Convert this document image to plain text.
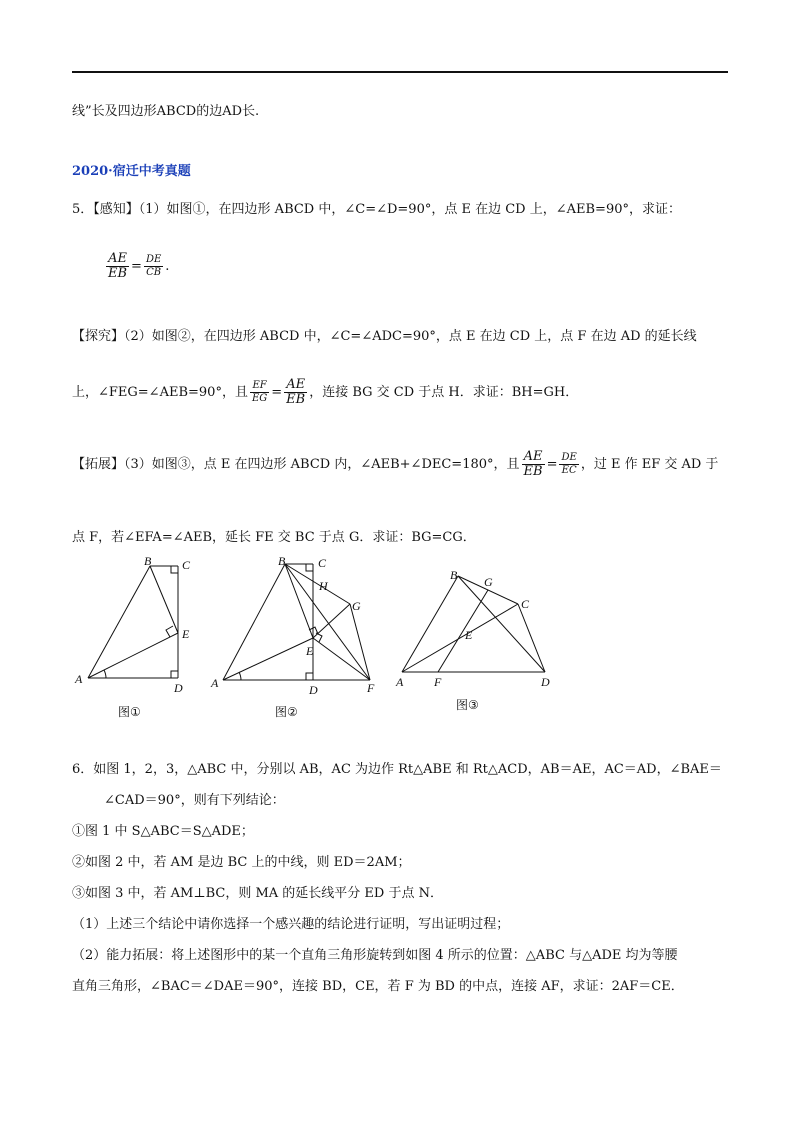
线”长及四边形ABCD的边AD长.
2020·宿迁中考真题
5．【感知】（1）如图①，在四边形 ABCD 中，∠C=∠D=90°，点 E 在边 CD 上，∠AEB=90°，求证：
$\frac{AE}{EB} = \frac{DE}{CB}$ .
【探究】（2）如图②，在四边形 ABCD 中，∠C=∠ADC=90°，点 E 在边 CD 上，点 F 在边 AD 的延长线
上，∠FEG=∠AEB=90°，且 $\frac{EF}{EG} = \frac{AE}{EB}$ ，连接 BG 交 CD 于点 H．求证：BH=GH．
【拓展】（3）如图③，点 E 在四边形 ABCD 内，∠AEB+∠DEC=180°，且 $\frac{AE}{EB} = \frac{DE}{EC}$ ，过 E 作 EF 交 AD 于
点 F，若∠EFA=∠AEB，延长 FE 交 BC 于点 G．求证：BG=CG．
B	C
E
A
D
图①
B	C
H
G
E
A	D	F
图②
B G
C
E
A	F	D
图③
6．如图 1，2，3，△ABC 中，分别以 AB，AC 为边作 Rt△ABE 和 Rt△ACD，AB＝AE，AC＝AD，∠BAE＝
∠CAD＝90°，则有下列结论：
①图 1 中 S△ABC＝S△ADE；
②如图 2 中，若 AM 是边 BC 上的中线，则 ED＝2AM；
③如图 3 中，若 AM⊥BC，则 MA 的延长线平分 ED 于点 N．
（1）上述三个结论中请你选择一个感兴趣的结论进行证明，写出证明过程；
（2）能力拓展：将上述图形中的某一个直角三角形旋转到如图 4 所示的位置：△ABC 与△ADE 均为等腰
直角三角形，∠BAC＝∠DAE＝90°，连接 BD，CE，若 F 为 BD 的中点，连接 AF，求证：2AF＝CE．
